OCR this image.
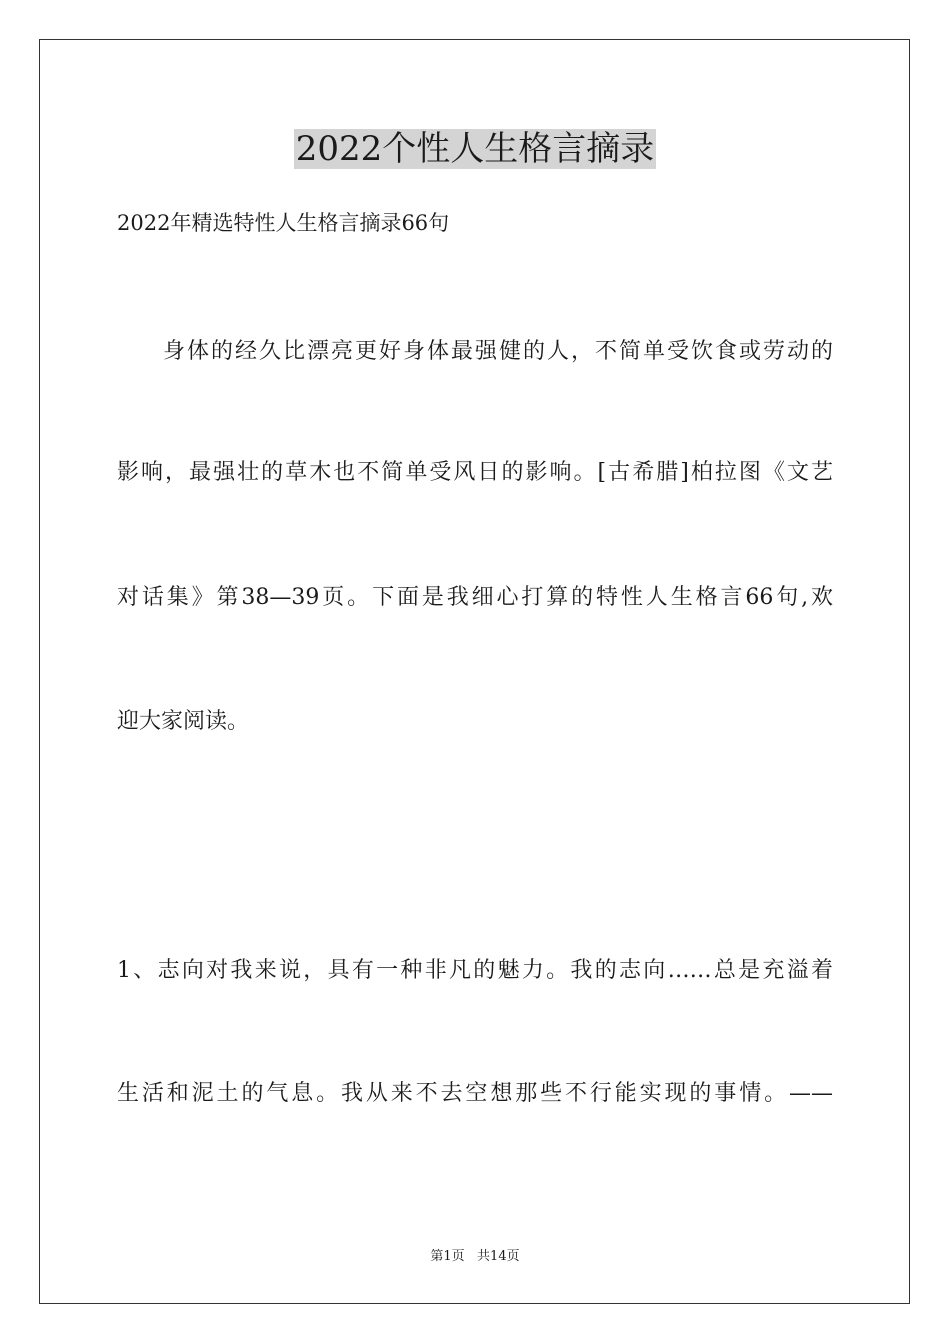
2022个性人生格言摘录
2022年精选特性人生格言摘录66句
身体的经久比漂亮更好身体最强健的人，不简单受饮食或劳动的
影响，最强壮的草木也不简单受风日的影响。[古希腊]柏拉图《文艺
对话集》第38—39页。下面是我细心打算的特性人生格言66句,欢
迎大家阅读。
1、志向对我来说，具有一种非凡的魅力。我的志向……总是充溢着
生活和泥土的气息。我从来不去空想那些不行能实现的事情。——
第1页   共14页
